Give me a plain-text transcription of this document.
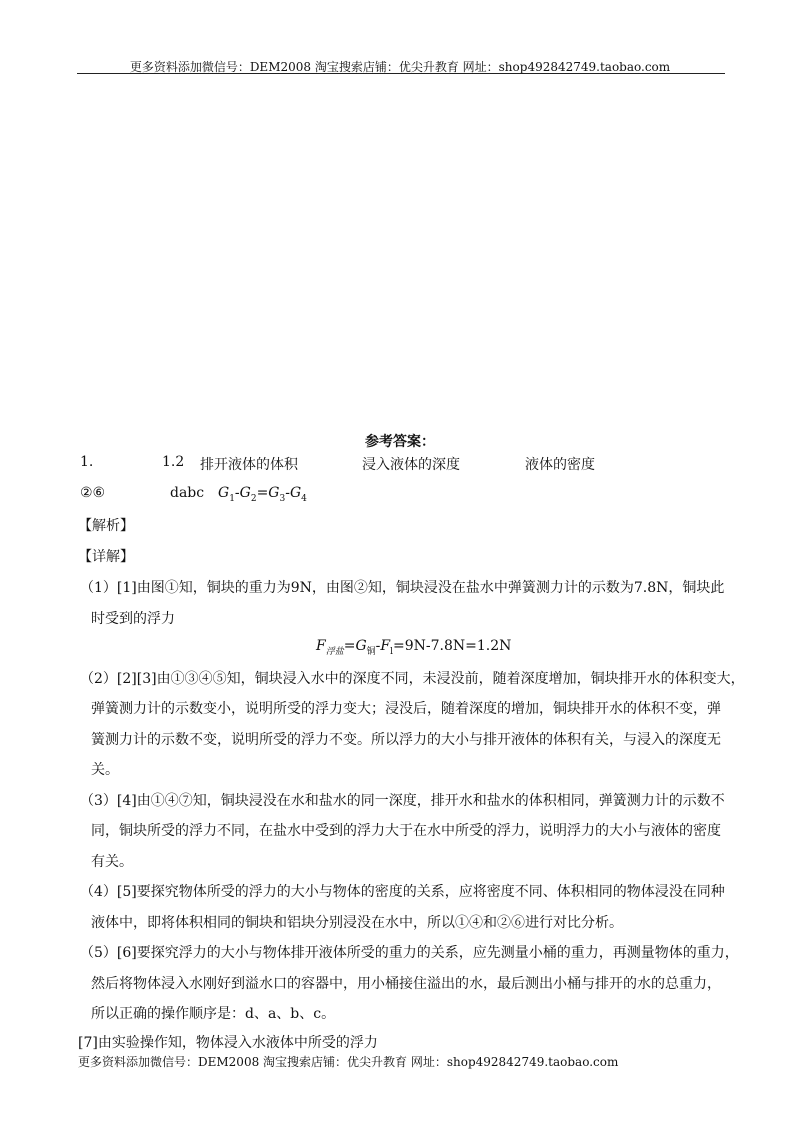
更多资料添加微信号：DEM2008 淘宝搜索店铺：优尖升教育 网址：shop492842749.taobao.com
参考答案：
1.	1.2 排开液体的体积	浸入液体的深度	液体的密度
②⑥	dabc $G_1-G_2=G_3-G_4$
【解析】
【详解】
（1）[1]由图①知，铜块的重力为9N，由图②知，铜块浸没在盐水中弹簧测力计的示数为7.8N，铜块此
时受到的浮力
$F_{浮盐}=G_铜-F_l=9N-7.8N=1.2N$
（2）[2][3]由①③④⑤知，铜块浸入水中的深度不同，未浸没前，随着深度增加，铜块排开水的体积变大，
弹簧测力计的示数变小，说明所受的浮力变大；浸没后，随着深度的增加，铜块排开水的体积不变，弹
簧测力计的示数不变，说明所受的浮力不变。所以浮力的大小与排开液体的体积有关，与浸入的深度无
关。
（3）[4]由①④⑦知，铜块浸没在水和盐水的同一深度，排开水和盐水的体积相同，弹簧测力计的示数不
同，铜块所受的浮力不同，在盐水中受到的浮力大于在水中所受的浮力，说明浮力的大小与液体的密度
有关。
（4）[5]要探究物体所受的浮力的大小与物体的密度的关系，应将密度不同、体积相同的物体浸没在同种
液体中，即将体积相同的铜块和铝块分别浸没在水中，所以①④和②⑥进行对比分析。
（5）[6]要探究浮力的大小与物体排开液体所受的重力的关系，应先测量小桶的重力，再测量物体的重力，
然后将物体浸入水刚好到溢水口的容器中，用小桶接住溢出的水，最后测出小桶与排开的水的总重力，
所以正确的操作顺序是：d、a、b、c。
[7]由实验操作知，物体浸入水液体中所受的浮力
更多资料添加微信号：DEM2008 淘宝搜索店铺：优尖升教育 网址：shop492842749.taobao.com
